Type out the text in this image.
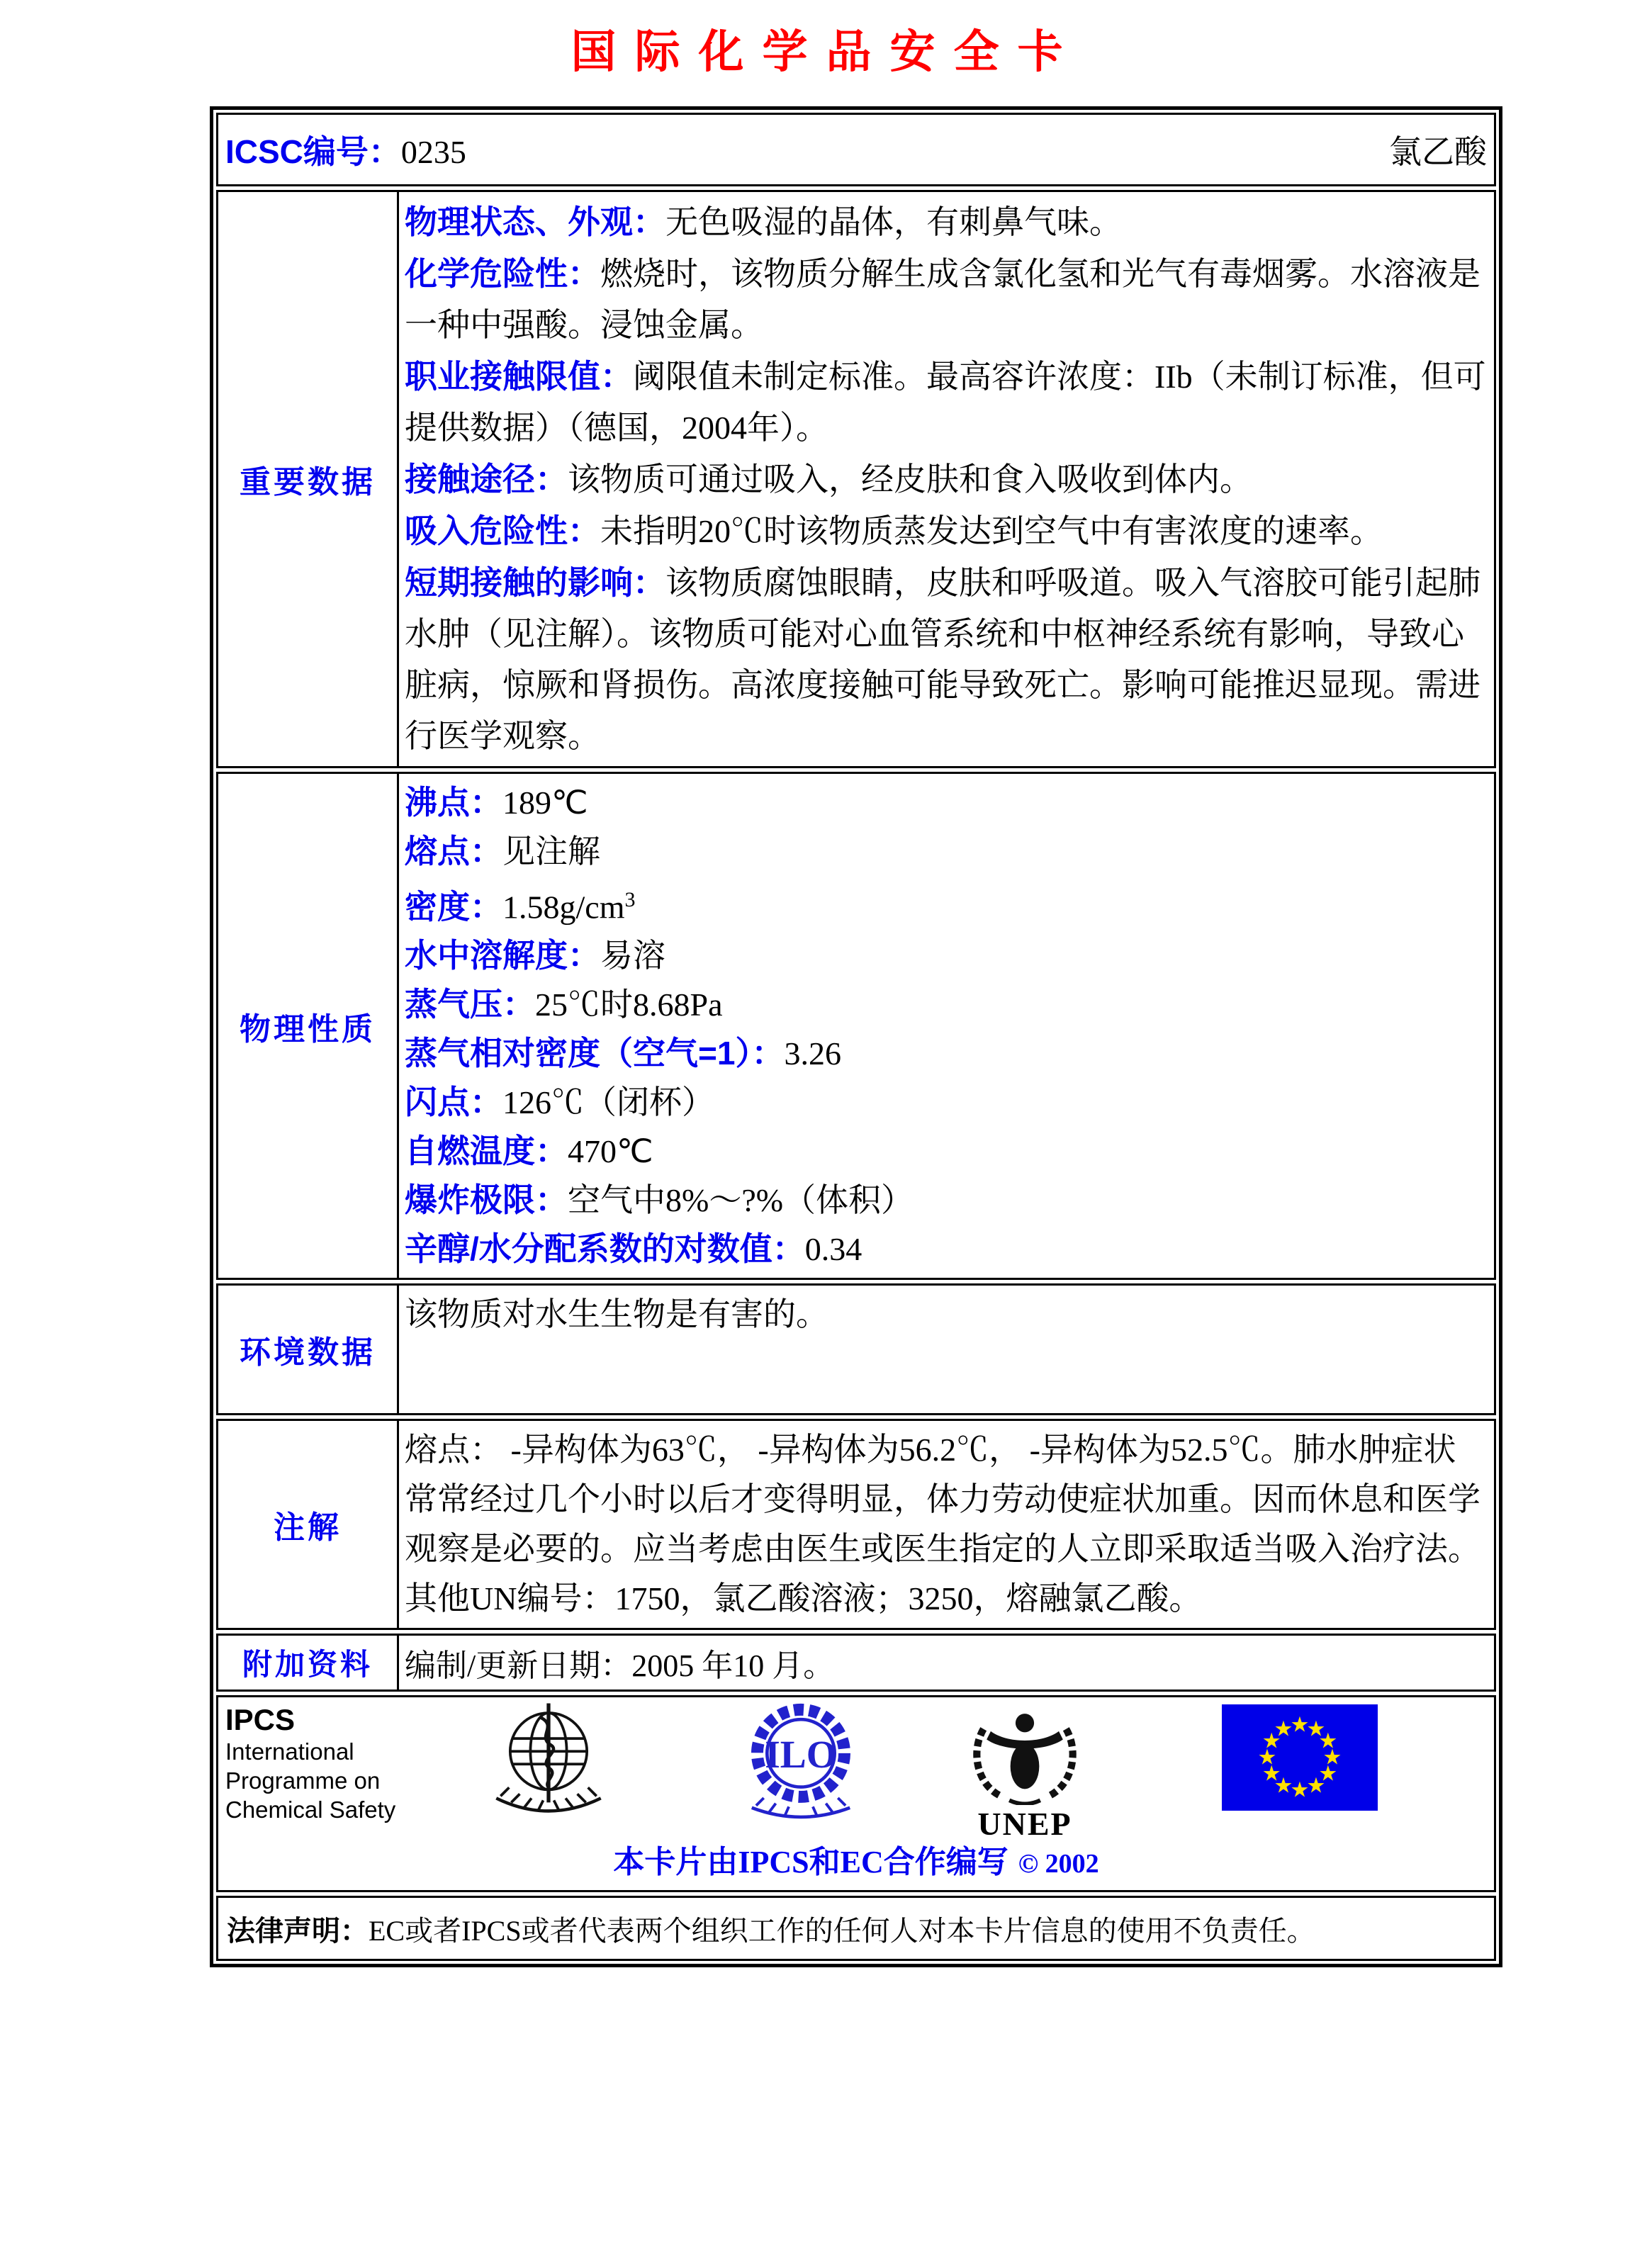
国际化学品安全卡
ICSC编号：0235	氯乙酸
重要数据
物理状态、外观：无色吸湿的晶体，有刺鼻气味。
化学危险性：燃烧时，该物质分解生成含氯化氢和光气有毒烟雾。水溶液是一种中强酸。浸蚀金属。
职业接触限值：阈限值未制定标准。最高容许浓度：IIb（未制订标准，但可提供数据）（德国，2004年）。
接触途径：该物质可通过吸入，经皮肤和食入吸收到体内。
吸入危险性：未指明20℃时该物质蒸发达到空气中有害浓度的速率。
短期接触的影响：该物质腐蚀眼睛，皮肤和呼吸道。吸入气溶胶可能引起肺水肿（见注解）。该物质可能对心血管系统和中枢神经系统有影响，导致心脏病，惊厥和肾损伤。高浓度接触可能导致死亡。影响可能推迟显现。需进行医学观察。
物理性质
沸点：189℃
熔点：见注解
密度：$1.58g/cm^3$
水中溶解度：易溶
蒸气压：25℃时8.68Pa
蒸气相对密度（空气=1）：3.26
闪点：126℃（闭杯）
自燃温度：470℃
爆炸极限：空气中8%～?%（体积）
辛醇/水分配系数的对数值：0.34
环境数据
该物质对水生生物是有害的。
注解
熔点： -异构体为63℃， -异构体为56.2℃， -异构体为52.5℃。肺水肿症状常常经过几个小时以后才变得明显，体力劳动使症状加重。因而休息和医学观察是必要的。应当考虑由医生或医生指定的人立即采取适当吸入治疗法。其他UN编号：1750，氯乙酸溶液；3250，熔融氯乙酸。
附加资料	编制/更新日期：2005 年10 月。
IPCS
International
Programme on
Chemical Safety
ILO
UNEP
★
★
★
★
★
★
★
★
★
★
★
★
本卡片由IPCS和EC合作编写 © 2002
法律声明： EC或者IPCS或者代表两个组织工作的任何人对本卡片信息的使用不负责任。
